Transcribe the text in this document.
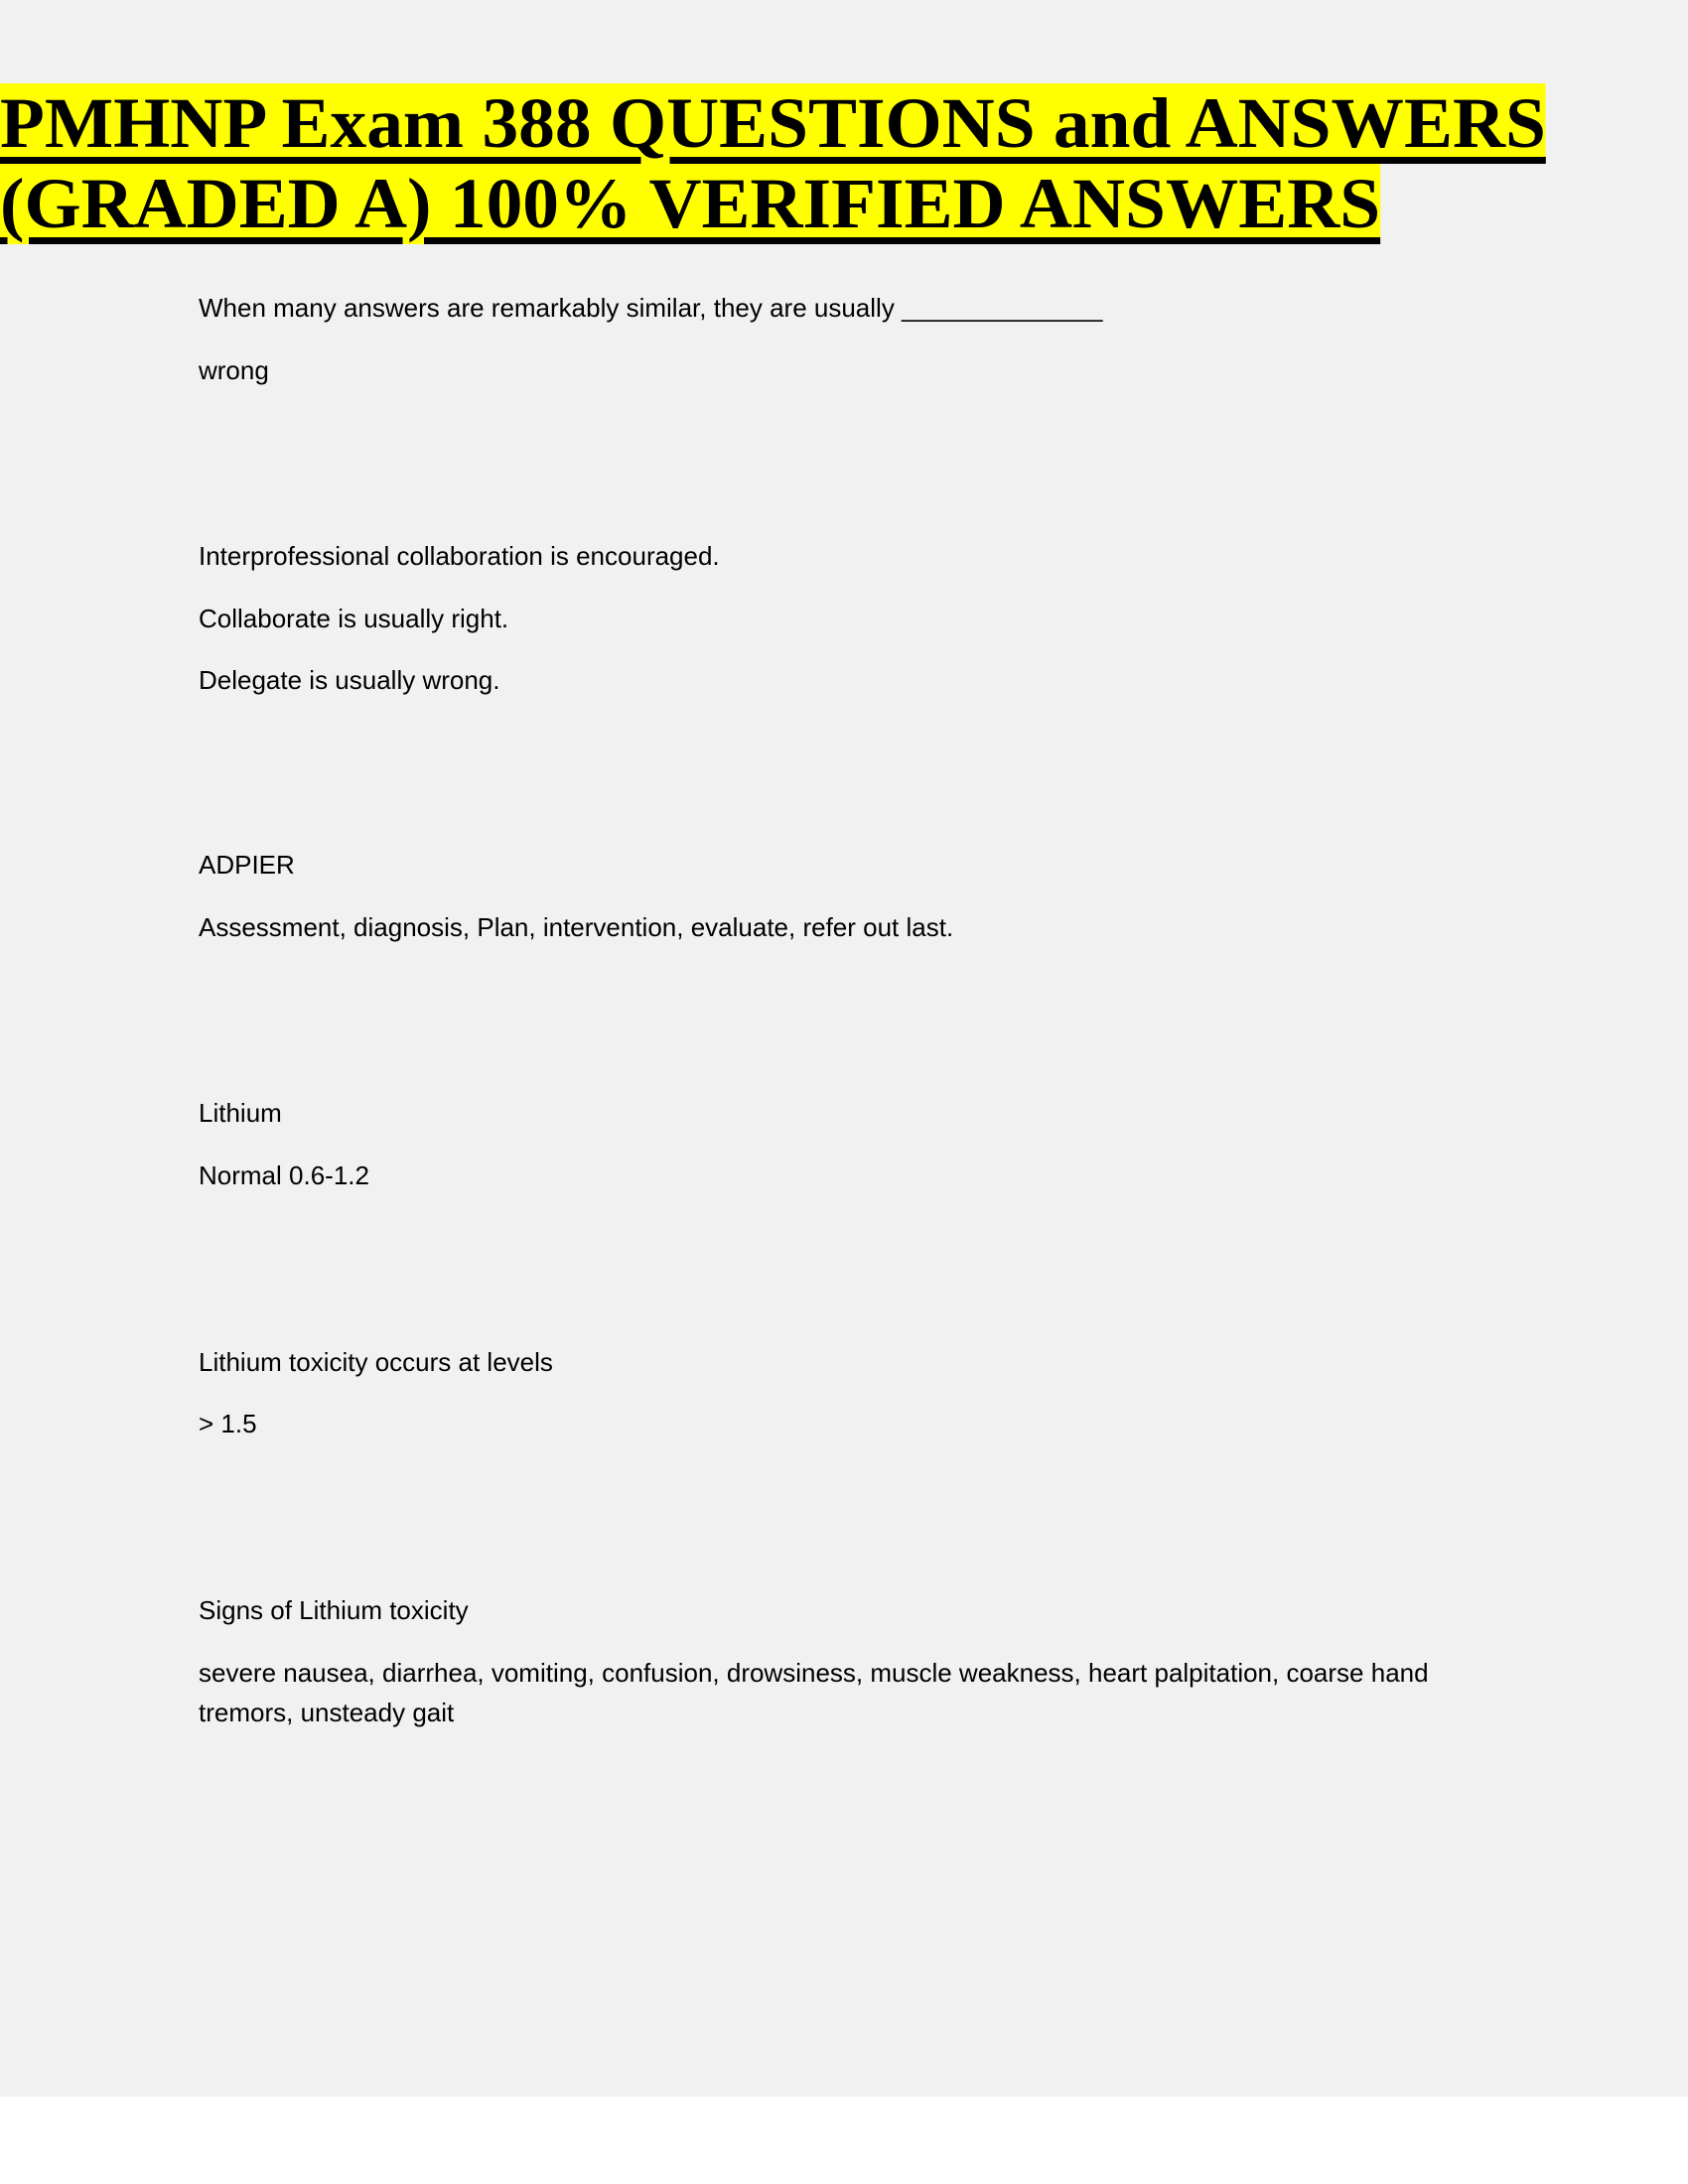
PMHNP Exam 388 QUESTIONS and ANSWERS
(GRADED A) 100% VERIFIED ANSWERS

When many answers are remarkably similar, they are usually ______________

wrong

Interprofessional collaboration is encouraged.

Collaborate is usually right.

Delegate is usually wrong.

ADPIER

Assessment, diagnosis, Plan, intervention, evaluate, refer out last.

Lithium

Normal 0.6-1.2

Lithium toxicity occurs at levels

> 1.5

Signs of Lithium toxicity

severe nausea, diarrhea, vomiting, confusion, drowsiness, muscle weakness, heart palpitation, coarse hand tremors, unsteady gait
